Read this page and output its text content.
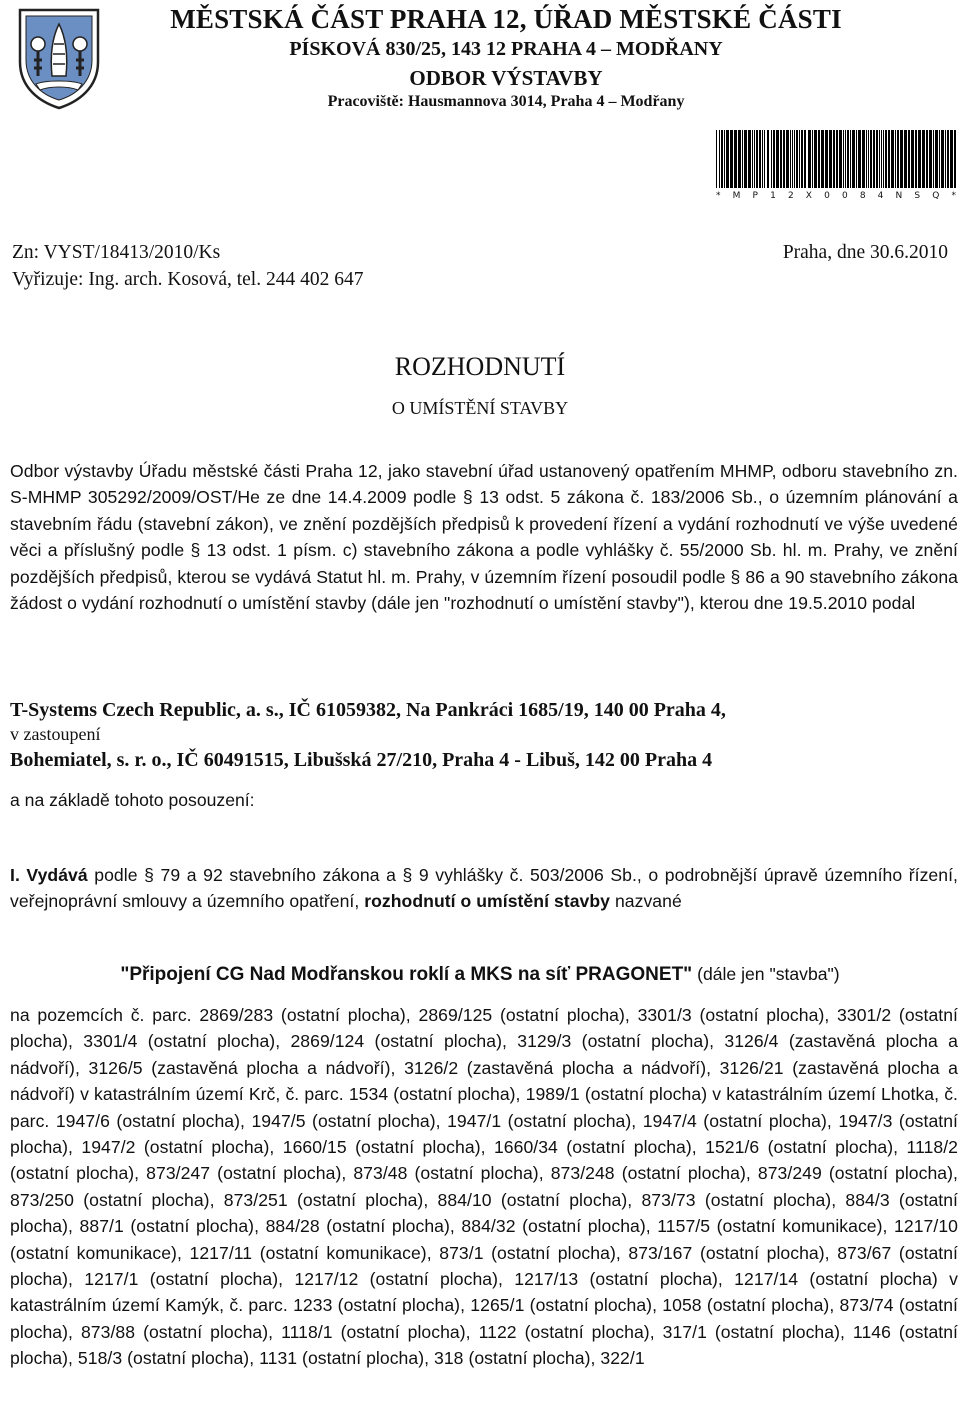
MĚSTSKÁ ČÁST PRAHA 12, ÚŘAD MĚSTSKÉ ČÁSTI
PÍSKOVÁ 830/25, 143 12 PRAHA 4 – MODŘANY
ODBOR VÝSTAVBY
Pracoviště: Hausmannova 3014, Praha 4 – Modřany
* M P 1 2 X 0 0 8 4 N S Q *
Zn: VYST/18413/2010/Ks
Vyřizuje: Ing. arch. Kosová, tel. 244 402 647
Praha, dne 30.6.2010
ROZHODNUTÍ
O UMÍSTĚNÍ STAVBY
Odbor výstavby Úřadu městské části Praha 12, jako stavební úřad ustanovený opatřením MHMP, odboru stavebního zn. S-MHMP 305292/2009/OST/He ze dne 14.4.2009 podle § 13 odst. 5 zákona č. 183/2006 Sb., o územním plánování a stavebním řádu (stavební zákon), ve znění pozdějších předpisů k provedení řízení a vydání rozhodnutí ve výše uvedené věci a příslušný podle § 13 odst. 1 písm. c) stavebního zákona a podle vyhlášky č. 55/2000 Sb. hl. m. Prahy, ve znění pozdějších předpisů, kterou se vydává Statut hl. m. Prahy, v územním řízení posoudil podle § 86 a 90 stavebního zákona žádost o vydání rozhodnutí o umístění stavby (dále jen "rozhodnutí o umístění stavby"), kterou dne 19.5.2010 podal
T-Systems Czech Republic, a. s., IČ 61059382, Na Pankráci 1685/19, 140 00 Praha 4,
v zastoupení
Bohemiatel, s. r. o., IČ 60491515, Libušská 27/210, Praha 4 - Libuš, 142 00 Praha 4
a na základě tohoto posouzení:
I. Vydává podle § 79 a 92 stavebního zákona a § 9 vyhlášky č. 503/2006 Sb., o podrobnější úpravě územního řízení, veřejnoprávní smlouvy a územního opatření, rozhodnutí o umístění stavby nazvané
"Připojení CG Nad Modřanskou roklí a MKS na síť PRAGONET" (dále jen "stavba")
na pozemcích č. parc. 2869/283 (ostatní plocha), 2869/125 (ostatní plocha), 3301/3 (ostatní plocha), 3301/2 (ostatní plocha), 3301/4 (ostatní plocha), 2869/124 (ostatní plocha), 3129/3 (ostatní plocha), 3126/4 (zastavěná plocha a nádvoří), 3126/5 (zastavěná plocha a nádvoří), 3126/2 (zastavěná plocha a nádvoří), 3126/21 (zastavěná plocha a nádvoří) v katastrálním území Krč, č. parc. 1534 (ostatní plocha), 1989/1 (ostatní plocha) v katastrálním území Lhotka, č. parc. 1947/6 (ostatní plocha), 1947/5 (ostatní plocha), 1947/1 (ostatní plocha), 1947/4 (ostatní plocha), 1947/3 (ostatní plocha), 1947/2 (ostatní plocha), 1660/15 (ostatní plocha), 1660/34 (ostatní plocha), 1521/6 (ostatní plocha), 1118/2 (ostatní plocha), 873/247 (ostatní plocha), 873/48 (ostatní plocha), 873/248 (ostatní plocha), 873/249 (ostatní plocha), 873/250 (ostatní plocha), 873/251 (ostatní plocha), 884/10 (ostatní plocha), 873/73 (ostatní plocha), 884/3 (ostatní plocha), 887/1 (ostatní plocha), 884/28 (ostatní plocha), 884/32 (ostatní plocha), 1157/5 (ostatní komunikace), 1217/10 (ostatní komunikace), 1217/11 (ostatní komunikace), 873/1 (ostatní plocha), 873/167 (ostatní plocha), 873/67 (ostatní plocha), 1217/1 (ostatní plocha), 1217/12 (ostatní plocha), 1217/13 (ostatní plocha), 1217/14 (ostatní plocha) v katastrálním území Kamýk, č. parc. 1233 (ostatní plocha), 1265/1 (ostatní plocha), 1058 (ostatní plocha), 873/74 (ostatní plocha), 873/88 (ostatní plocha), 1118/1 (ostatní plocha), 1122 (ostatní plocha), 317/1 (ostatní plocha), 1146 (ostatní plocha), 518/3 (ostatní plocha), 1131 (ostatní plocha), 318 (ostatní plocha), 322/1
